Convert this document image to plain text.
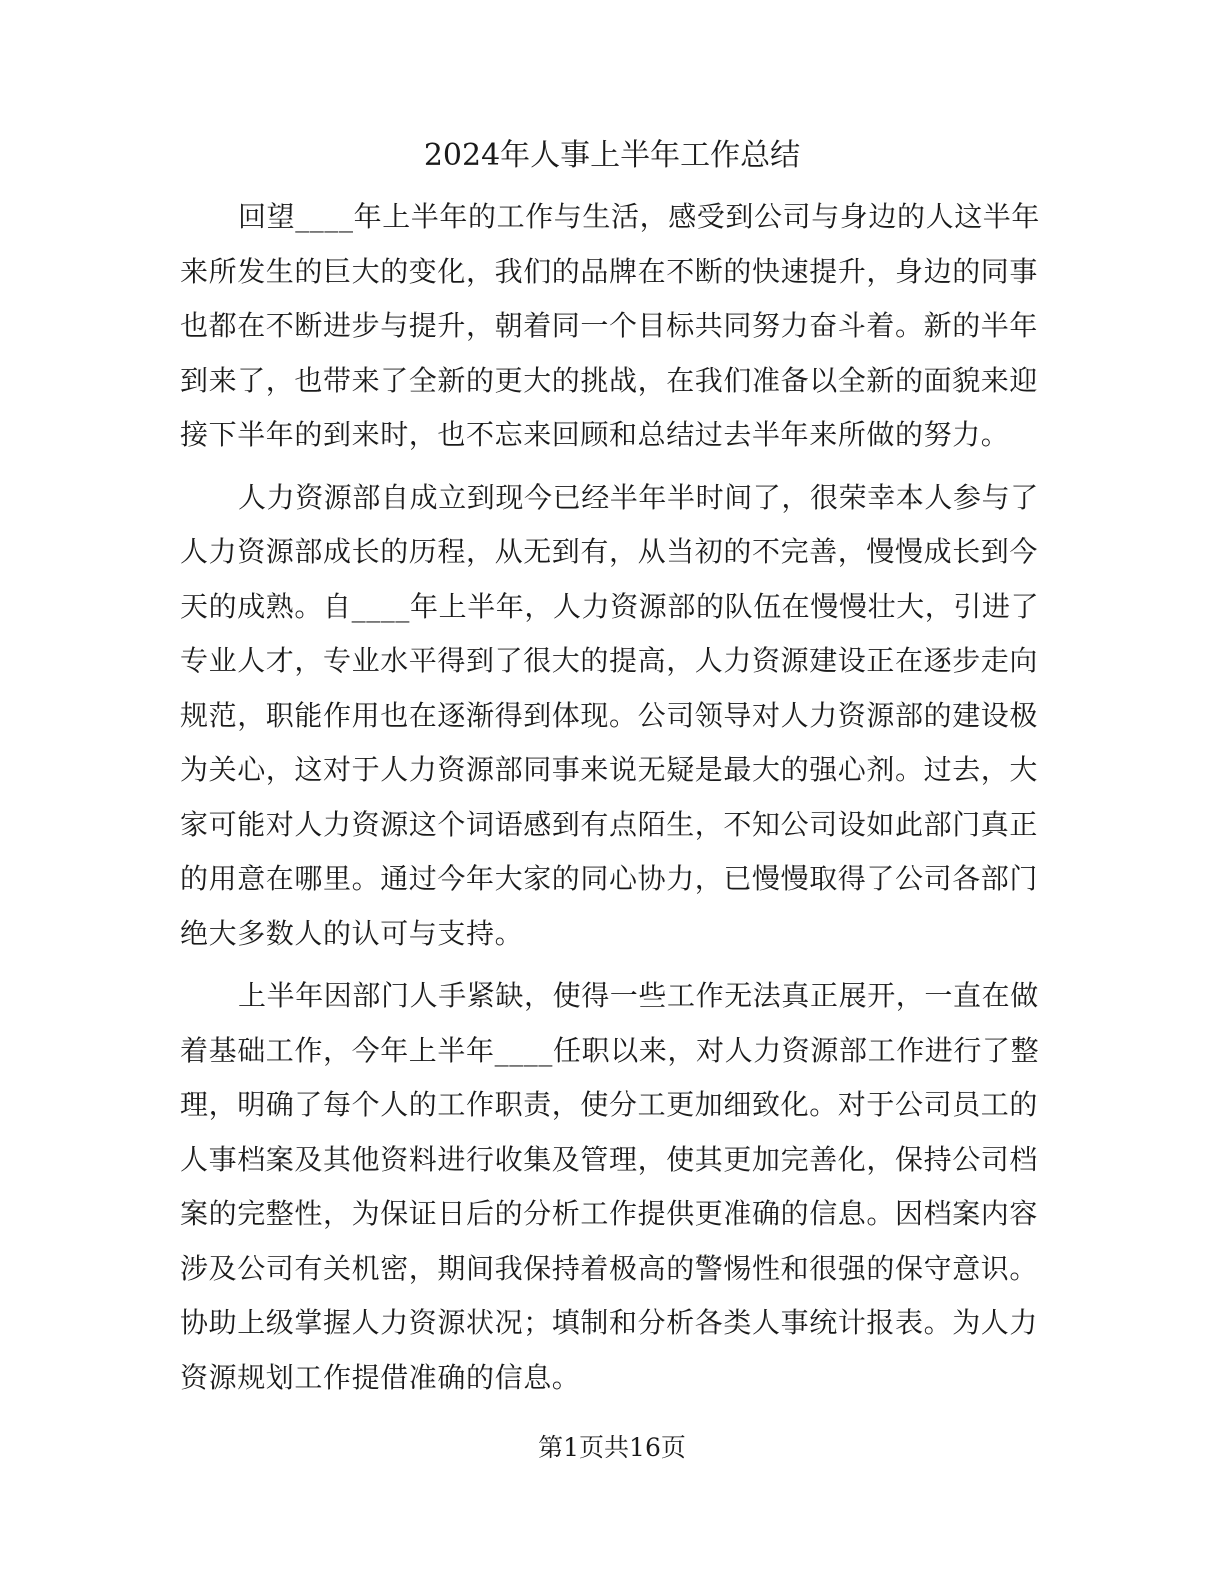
2024年人事上半年工作总结

回望____年上半年的工作与生活，感受到公司与身边的人这半年
来所发生的巨大的变化，我们的品牌在不断的快速提升，身边的同事
也都在不断进步与提升，朝着同一个目标共同努力奋斗着。新的半年
到来了，也带来了全新的更大的挑战，在我们准备以全新的面貌来迎
接下半年的到来时，也不忘来回顾和总结过去半年来所做的努力。

人力资源部自成立到现今已经半年半时间了，很荣幸本人参与了
人力资源部成长的历程，从无到有，从当初的不完善，慢慢成长到今
天的成熟。自____年上半年，人力资源部的队伍在慢慢壮大，引进了
专业人才，专业水平得到了很大的提高，人力资源建设正在逐步走向
规范，职能作用也在逐渐得到体现。公司领导对人力资源部的建设极
为关心，这对于人力资源部同事来说无疑是最大的强心剂。过去，大
家可能对人力资源这个词语感到有点陌生，不知公司设如此部门真正
的用意在哪里。通过今年大家的同心协力，已慢慢取得了公司各部门
绝大多数人的认可与支持。

上半年因部门人手紧缺，使得一些工作无法真正展开，一直在做
着基础工作，今年上半年____任职以来，对人力资源部工作进行了整
理，明确了每个人的工作职责，使分工更加细致化。对于公司员工的
人事档案及其他资料进行收集及管理，使其更加完善化，保持公司档
案的完整性，为保证日后的分析工作提供更准确的信息。因档案内容
涉及公司有关机密，期间我保持着极高的警惕性和很强的保守意识。
协助上级掌握人力资源状况；填制和分析各类人事统计报表。为人力
资源规划工作提借准确的信息。

第1页共16页
